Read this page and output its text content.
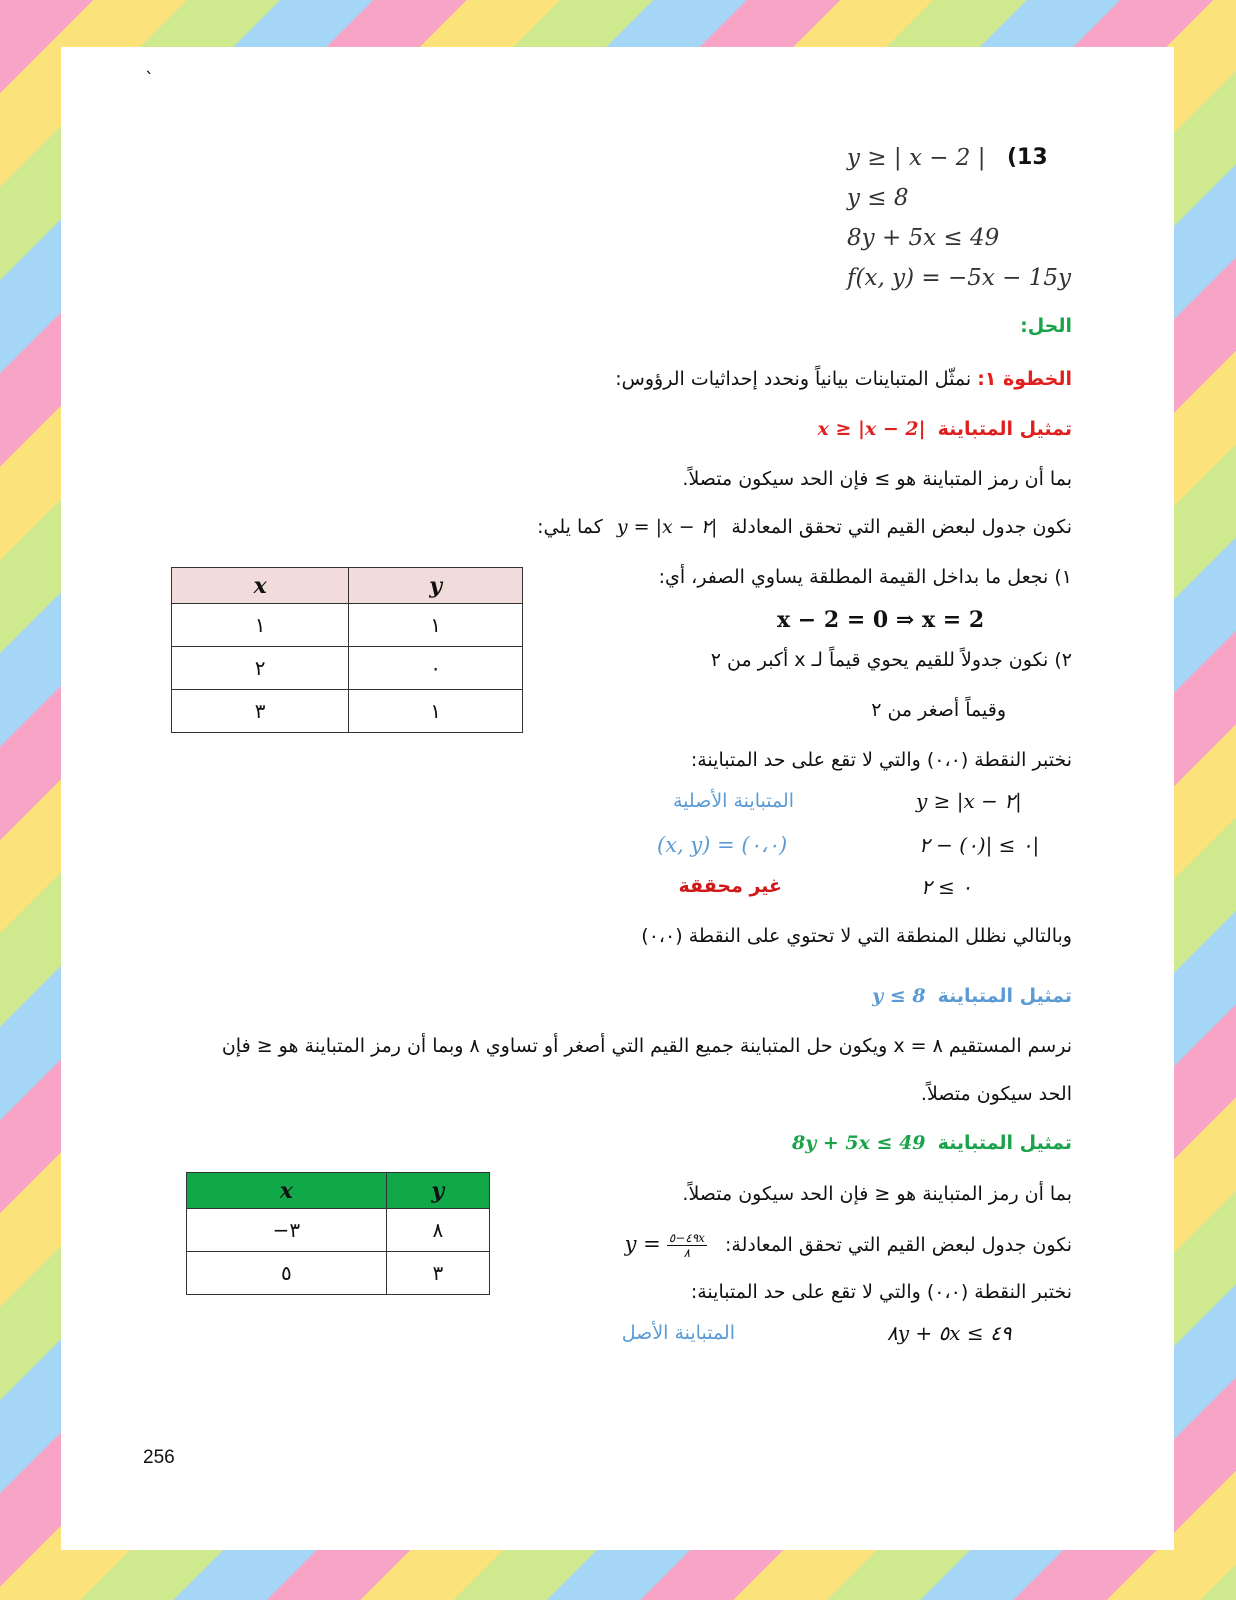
`
(13
y ≥ | x − 2 |
y ≤ 8
8y + 5x ≤ 49
f(x, y) = −5x − 15y
الحل:
الخطوة ١: نمثّل المتباينات بيانياً ونحدد إحداثيات الرؤوس:
تمثيل المتباينة x ≥ |x − 2|
بما أن رمز المتباينة هو ≥ فإن الحد سيكون متصلاً.
نكون جدول لبعض القيم التي تحقق المعادلة y = |x − ٢| كما يلي:
١) نجعل ما بداخل القيمة المطلقة يساوي الصفر، أي:
x − 2 = 0 ⇒ x = 2
٢) نكون جدولاً للقيم يحوي قيماً لـ x أكبر من ٢
وقيماً أصغر من ٢
x	y
١	١
٢	٠
٣	١
نختبر النقطة (٠،٠) والتي لا تقع على حد المتباينة:
y ≥ |x − ٢|
المتباينة الأصلية
٠ ≥ |(٠) − ٢|
(x, y) = (٠،٠)
٠ ≥ ٢
غير محققة
وبالتالي نظلل المنطقة التي لا تحتوي على النقطة (٠،٠)
تمثيل المتباينة y ≤ 8
نرسم المستقيم ٨ = x ويكون حل المتباينة جميع القيم التي أصغر أو تساوي ٨ وبما أن رمز المتباينة هو ≤ فإن
الحد سيكون متصلاً.
تمثيل المتباينة 8y + 5x ≤ 49
بما أن رمز المتباينة هو ≤ فإن الحد سيكون متصلاً.
نكون جدول لبعض القيم التي تحقق المعادلة: $y = \frac{٤٩-٥x}{٨}$
نختبر النقطة (٠،٠) والتي لا تقع على حد المتباينة:
٨y + ٥x ≤ ٤٩
المتباينة الأصل
x	y
−٣	٨
٥	٣
256
